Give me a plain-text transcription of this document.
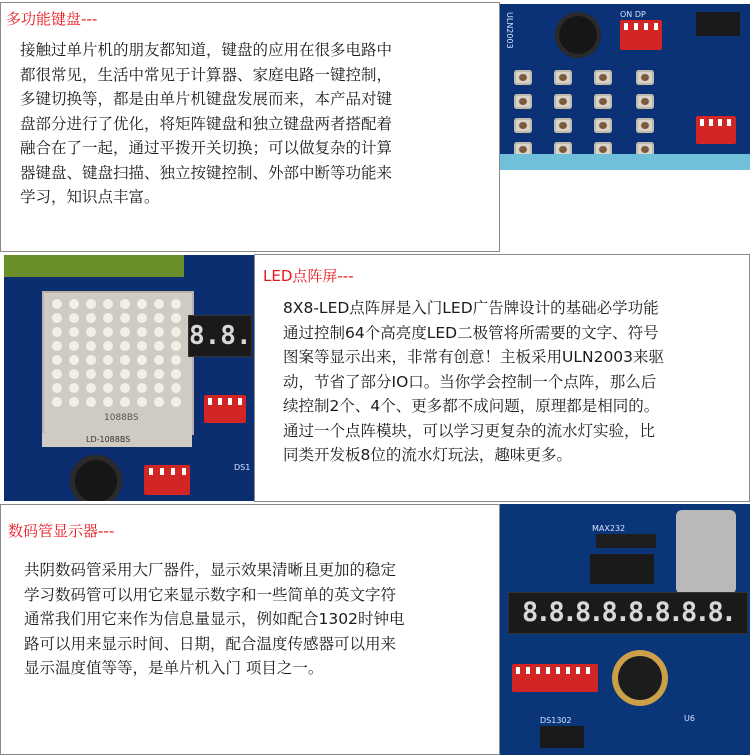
多功能键盘---
接触过单片机的朋友都知道，键盘的应用在很多电路中
都很常见，生活中常见于计算器、家庭电路一键控制，
多键切换等，都是由单片机键盘发展而来，本产品对键
盘部分进行了优化，将矩阵键盘和独立键盘两者搭配着
融合在了一起，通过平拨开关切换；可以做复杂的计算
器键盘、键盘扫描、独立按键控制、外部中断等功能来
学习，知识点丰富。
ULN2003	ON DP
1088BS
LD-1088BS
8.8.
DS1
LED点阵屏---
8X8-LED点阵屏是入门LED广告牌设计的基础必学功能
通过控制64个高亮度LED二极管将所需要的文字、符号
图案等显示出来，非常有创意！主板采用ULN2003来驱
动，节省了部分IO口。当你学会控制一个点阵，那么后
续控制2个、4个、更多都不成问题，原理都是相同的。
通过一个点阵模块，可以学习更复杂的流水灯实验，比
同类开发板8位的流水灯玩法，趣味更多。
数码管显示器---
共阴数码管采用大厂器件，显示效果清晰且更加的稳定
学习数码管可以用它来显示数字和一些简单的英文字符
通常我们用它来作为信息量显示，例如配合1302时钟电
路可以用来显示时间、日期，配合温度传感器可以用来
显示温度值等等，是单片机入门 项目之一。
MAX232
8.8.8.8.8.8.8.8.
DS1302	U6
